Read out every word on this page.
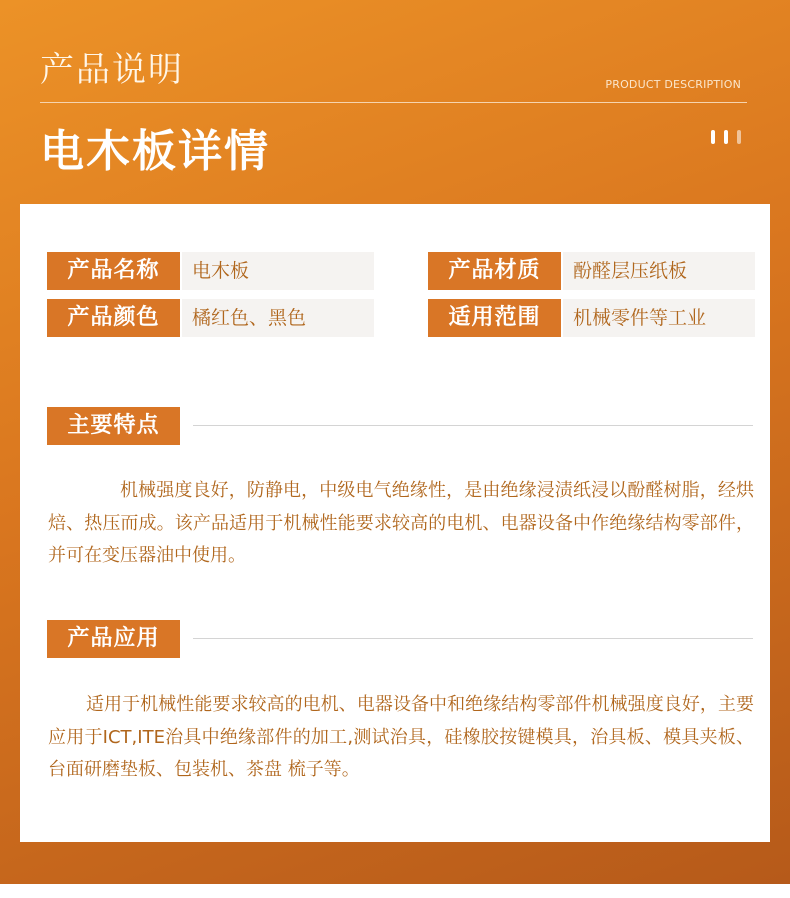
产品说明	PRODUCT DESCRIPTION
电木板详情
产品名称	电木板	产品材质	酚醛层压纸板
产品颜色	橘红色、黑色	适用范围	机械零件等工业
主要特点

机械强度良好，防静电，中级电气绝缘性，是由绝缘浸渍纸浸以酚醛树脂，经烘焙、热压而成。该产品适用于机械性能要求较高的电机、电器设备中作绝缘结构零部件，并可在变压器油中使用。

产品应用

适用于机械性能要求较高的电机、电器设备中和绝缘结构零部件机械强度良好，主要应用于ICT,ITE治具中绝缘部件的加工,测试治具，硅橡胶按键模具，治具板、模具夹板、台面研磨垫板、包装机、茶盘 梳子等。
